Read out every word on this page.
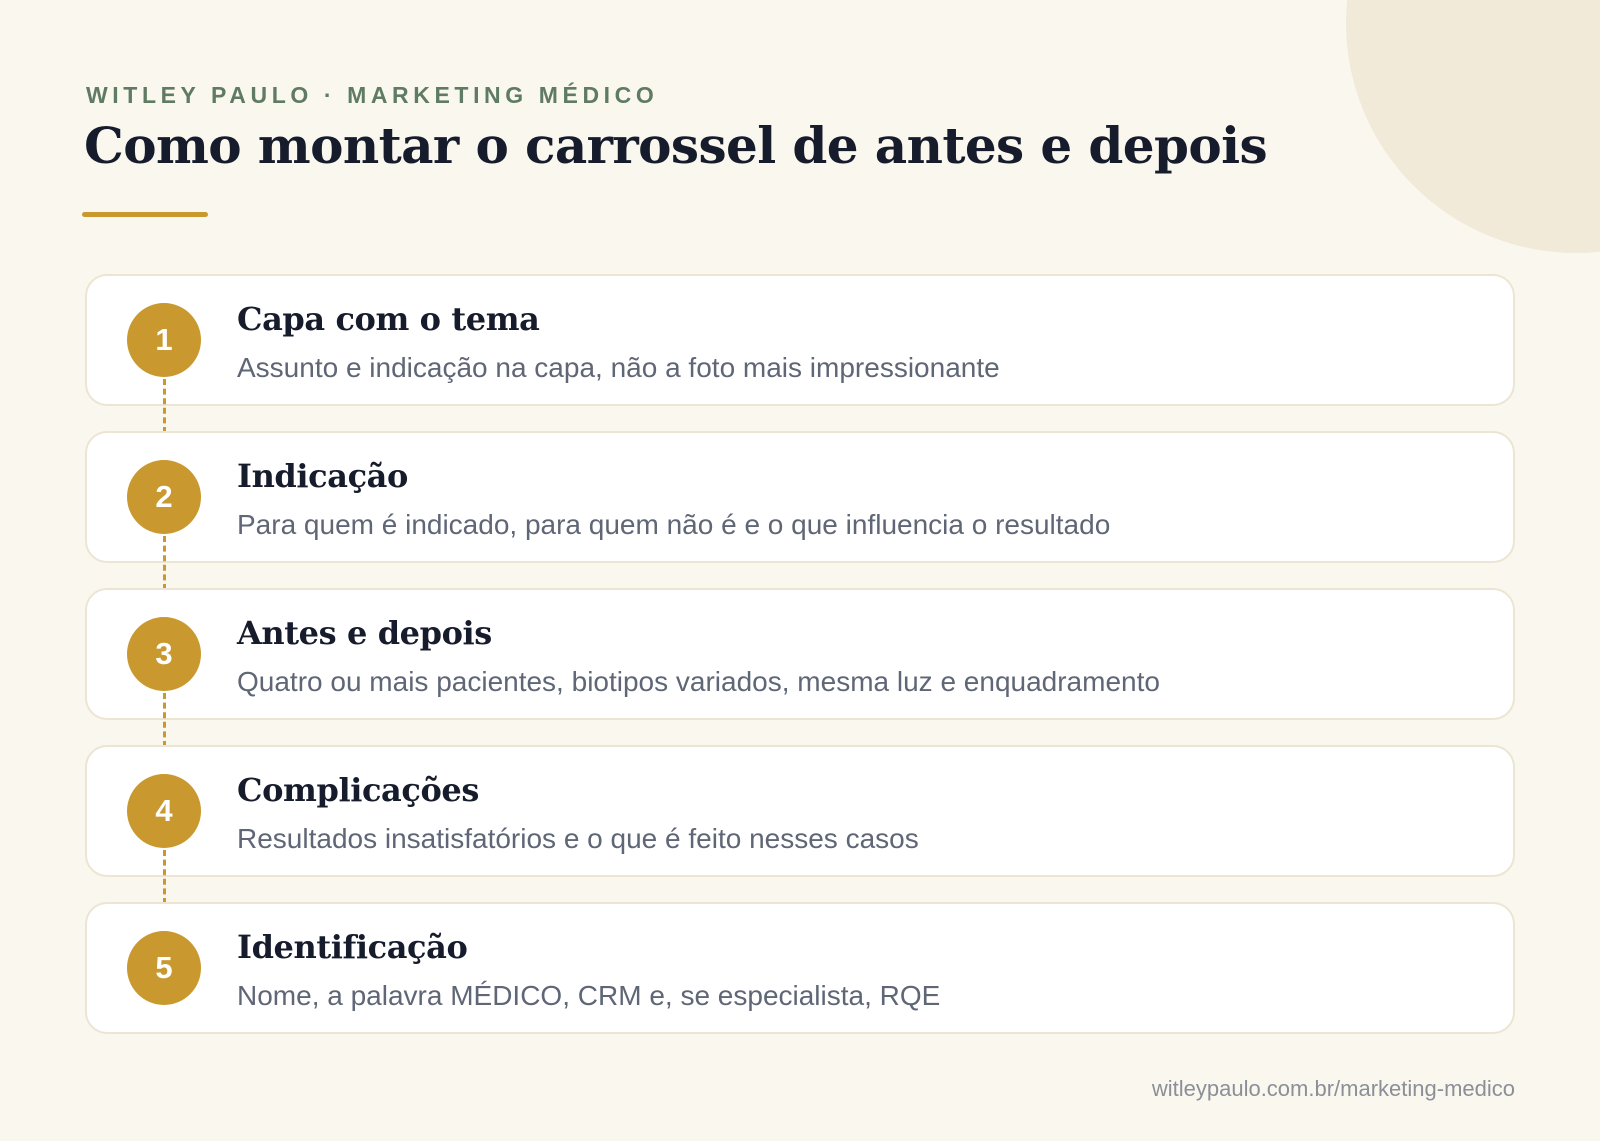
WITLEY PAULO · MARKETING MÉDICO
Como montar o carrossel de antes e depois
1
Capa com o tema
Assunto e indicação na capa, não a foto mais impressionante
2
Indicação
Para quem é indicado, para quem não é e o que influencia o resultado
3
Antes e depois
Quatro ou mais pacientes, biotipos variados, mesma luz e enquadramento
4
Complicações
Resultados insatisfatórios e o que é feito nesses casos
5
Identificação
Nome, a palavra MÉDICO, CRM e, se especialista, RQE
witleypaulo.com.br/marketing-medico
